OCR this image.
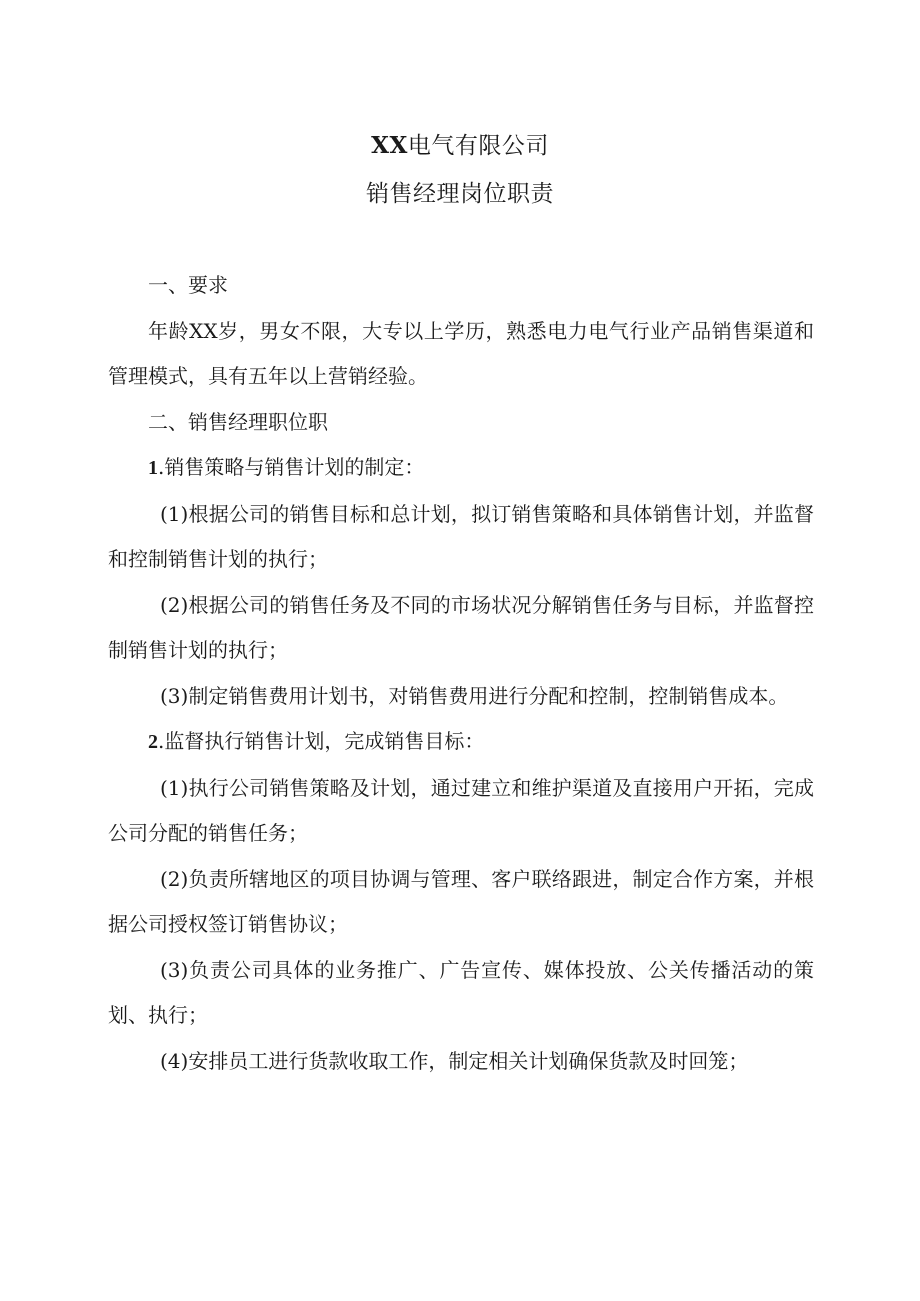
XX电气有限公司
销售经理岗位职责

一、要求

年龄XX岁，男女不限，大专以上学历，熟悉电力电气行业产品销售渠道和管理模式，具有五年以上营销经验。

二、销售经理职位职

1.销售策略与销售计划的制定：

(1)根据公司的销售目标和总计划，拟订销售策略和具体销售计划，并监督和控制销售计划的执行；

(2)根据公司的销售任务及不同的市场状况分解销售任务与目标，并监督控制销售计划的执行；

(3)制定销售费用计划书，对销售费用进行分配和控制，控制销售成本。

2.监督执行销售计划，完成销售目标：

(1)执行公司销售策略及计划，通过建立和维护渠道及直接用户开拓，完成公司分配的销售任务；

(2)负责所辖地区的项目协调与管理、客户联络跟进，制定合作方案，并根据公司授权签订销售协议；

(3)负责公司具体的业务推广、广告宣传、媒体投放、公关传播活动的策划、执行；

(4)安排员工进行货款收取工作，制定相关计划确保货款及时回笼；
